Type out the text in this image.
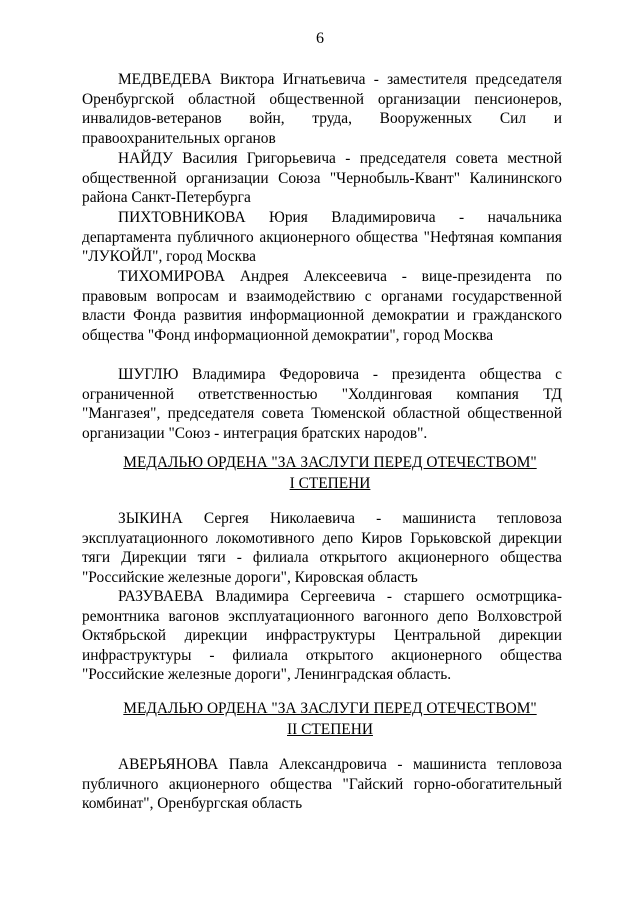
6

МЕДВЕДЕВА Виктора Игнатьевича - заместителя председателя Оренбургской областной общественной организации пенсионеров, инвалидов-ветеранов войн, труда, Вооруженных Сил и правоохранительных органов

НАЙДУ Василия Григорьевича - председателя совета местной общественной организации Союза "Чернобыль-Квант" Калининского района Санкт-Петербурга

ПИХТОВНИКОВА Юрия Владимировича - начальника департамента публичного акционерного общества "Нефтяная компания "ЛУКОЙЛ", город Москва

ТИХОМИРОВА Андрея Алексеевича - вице-президента по правовым вопросам и взаимодействию с органами государственной власти Фонда развития информационной демократии и гражданского общества "Фонд информационной демократии", город Москва

ШУГЛЮ Владимира Федоровича - президента общества с ограниченной ответственностью "Холдинговая компания ТД "Мангазея", председателя совета Тюменской областной общественной организации "Союз - интеграция братских народов".

МЕДАЛЬЮ ОРДЕНА "ЗА ЗАСЛУГИ ПЕРЕД ОТЕЧЕСТВОМ"
I СТЕПЕНИ

ЗЫКИНА Сергея Николаевича - машиниста тепловоза эксплуатационного локомотивного депо Киров Горьковской дирекции тяги Дирекции тяги - филиала открытого акционерного общества "Российские железные дороги", Кировская область

РАЗУВАЕВА Владимира Сергеевича - старшего осмотрщика-ремонтника вагонов эксплуатационного вагонного депо Волховстрой Октябрьской дирекции инфраструктуры Центральной дирекции инфраструктуры - филиала открытого акционерного общества "Российские железные дороги", Ленинградская область.

МЕДАЛЬЮ ОРДЕНА "ЗА ЗАСЛУГИ ПЕРЕД ОТЕЧЕСТВОМ"
II СТЕПЕНИ

АВЕРЬЯНОВА Павла Александровича - машиниста тепловоза публичного акционерного общества "Гайский горно-обогатительный комбинат", Оренбургская область
